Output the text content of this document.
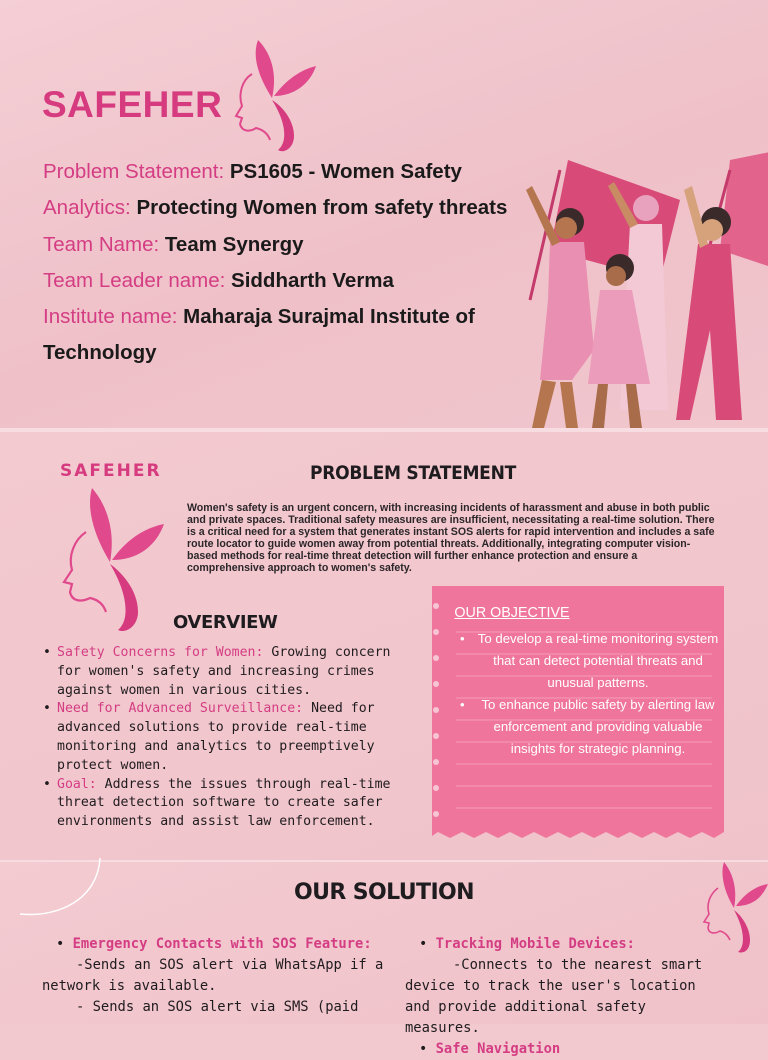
SAFEHER
Problem Statement: PS1605 - Women Safety
Analytics: Protecting Women from safety threats
Team Name: Team Synergy
Team Leader name: Siddharth Verma
Institute name: Maharaja Surajmal Institute of Technology
SAFEHER	PROBLEM STATEMENT
Women's safety is an urgent concern, with increasing incidents of harassment and abuse in both public and private spaces. Traditional safety measures are insufficient, necessitating a real-time solution. There is a critical need for a system that generates instant SOS alerts for rapid intervention and includes a safe route locator to guide women away from potential threats. Additionally, integrating computer vision-based methods for real-time threat detection will further enhance protection and ensure a comprehensive approach to women's safety.
OVERVIEW
• Safety Concerns for Women: Growing concern for women's safety and increasing crimes against women in various cities.
• Need for Advanced Surveillance: Need for advanced solutions to provide real-time monitoring and analytics to preemptively protect women.
• Goal: Address the issues through real-time threat detection software to create safer environments and assist law enforcement.
OUR OBJECTIVE
• To develop a real-time monitoring system that can detect potential threats and unusual patterns.
• To enhance public safety by alerting law enforcement and providing valuable insights for strategic planning.
OUR SOLUTION
• Emergency Contacts with SOS Feature:
-Sends an SOS alert via WhatsApp if a network is available.
- Sends an SOS alert via SMS (paid
• Tracking Mobile Devices:
-Connects to the nearest smart device to track the user's location and provide additional safety measures.
• Safe Navigation
